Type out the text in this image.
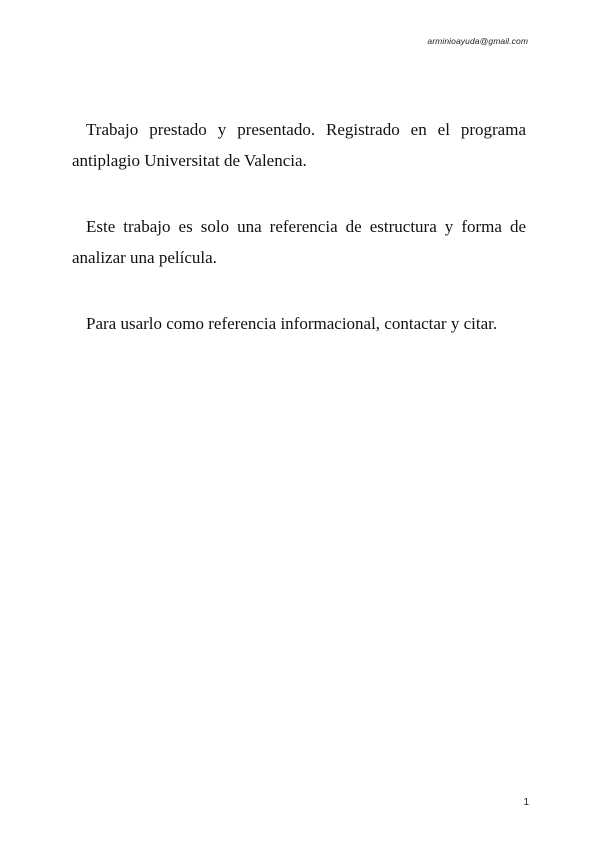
arminioayuda@gmail.com

Trabajo prestado y presentado. Registrado en el programa antiplagio Universitat de Valencia.

Este trabajo es solo una referencia de estructura y forma de analizar una película.

Para usarlo como referencia informacional, contactar y citar.

1
